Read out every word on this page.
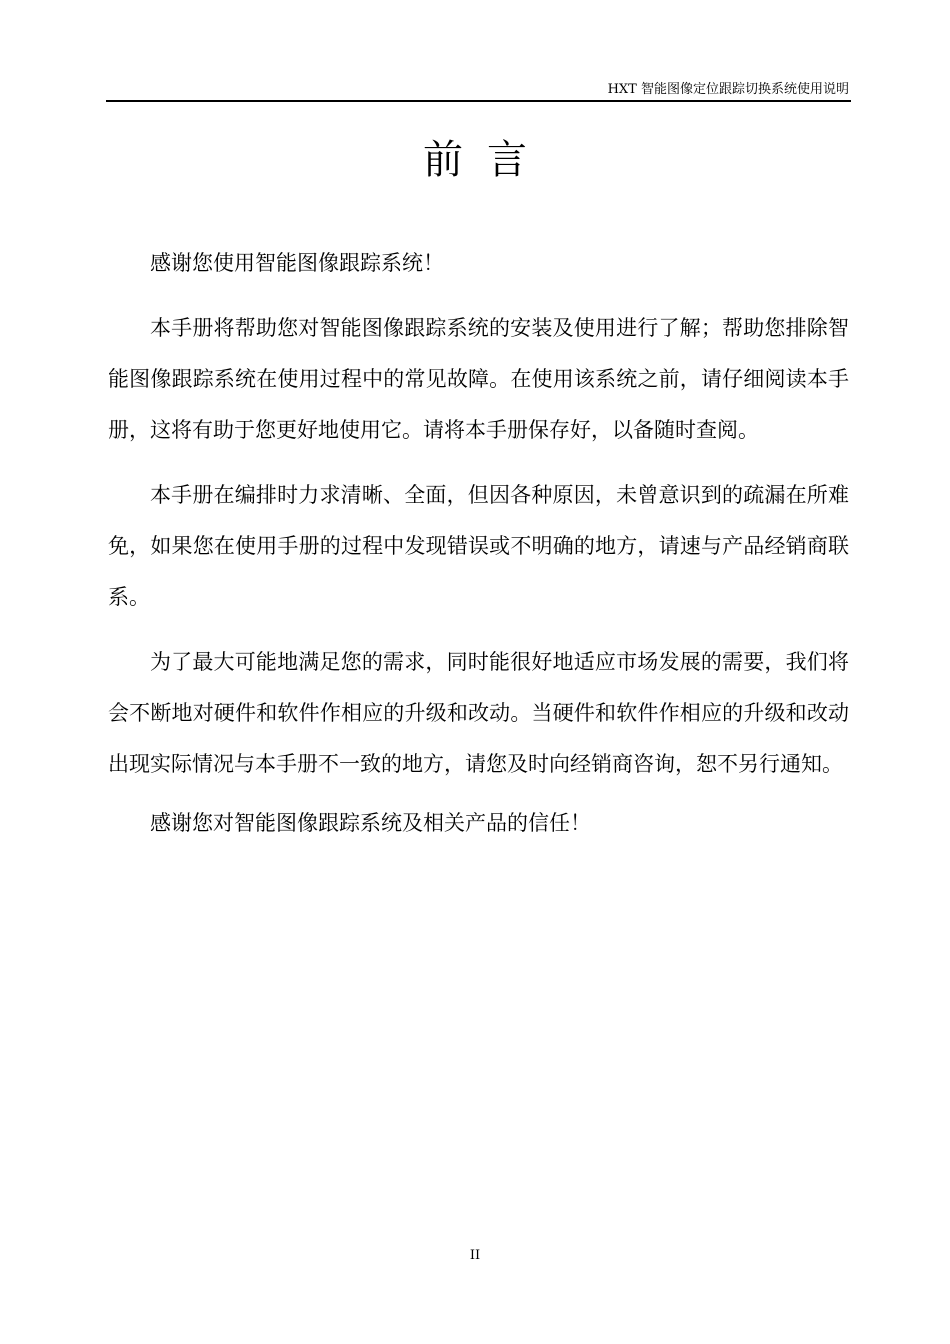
HXT 智能图像定位跟踪切换系统使用说明
前言

感谢您使用智能图像跟踪系统！

本手册将帮助您对智能图像跟踪系统的安装及使用进行了解；帮助您排除智能图像跟踪系统在使用过程中的常见故障。在使用该系统之前，请仔细阅读本手册，这将有助于您更好地使用它。请将本手册保存好，以备随时查阅。

本手册在编排时力求清晰、全面，但因各种原因，未曾意识到的疏漏在所难免，如果您在使用手册的过程中发现错误或不明确的地方，请速与产品经销商联系。

为了最大可能地满足您的需求，同时能很好地适应市场发展的需要，我们将会不断地对硬件和软件作相应的升级和改动。当硬件和软件作相应的升级和改动出现实际情况与本手册不一致的地方，请您及时向经销商咨询，恕不另行通知。

感谢您对智能图像跟踪系统及相关产品的信任！

II
